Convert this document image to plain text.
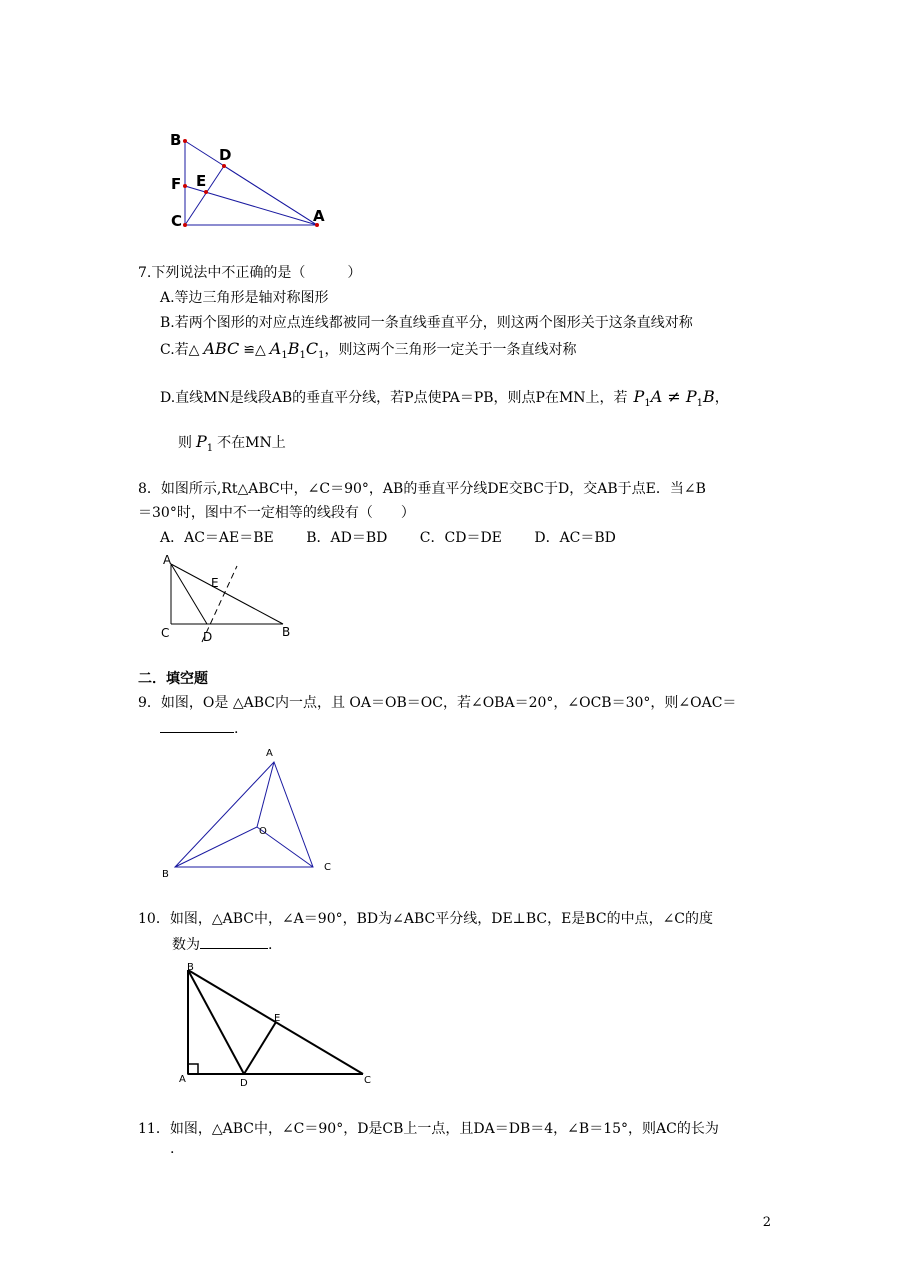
B
D
F E
C	A
7.下列说法中不正确的是（　　　）
A.等边三角形是轴对称图形
B.若两个图形的对应点连线都被同一条直线垂直平分，则这两个图形关于这条直线对称
C.若△ ABC ≌△ $A_1B_1C_1$，则这两个三角形一定关于一条直线对称
D.直线MN是线段AB的垂直平分线，若P点使PA＝PB，则点P在MN上，若 $P_1A \ne P_1B$，
则 $P_1$ 不在MN上
8．如图所示,Rt△ABC中，∠C＝90°，AB的垂直平分线DE交BC于D，交AB于点E．当∠B
＝30°时，图中不一定相等的线段有（　　）
A．AC＝AE＝BE　　 B．AD＝BD　　 C．CD＝DE　　 D．AC＝BD
A
E
C	D	B
二．填空题
9．如图，O是 △ABC内一点，且 OA＝OB＝OC，若∠OBA＝20°，∠OCB＝30°，则∠OAC＝
.
A
O
B
C
10．如图，△ABC中，∠A＝90°，BD为∠ABC平分线，DE⊥BC，E是BC的中点，∠C的度
数为	.
B
E
A	D	C
11．如图，△ABC中，∠C＝90°，D是CB上一点，且DA＝DB＝4，∠B＝15°，则AC的长为
.
2
